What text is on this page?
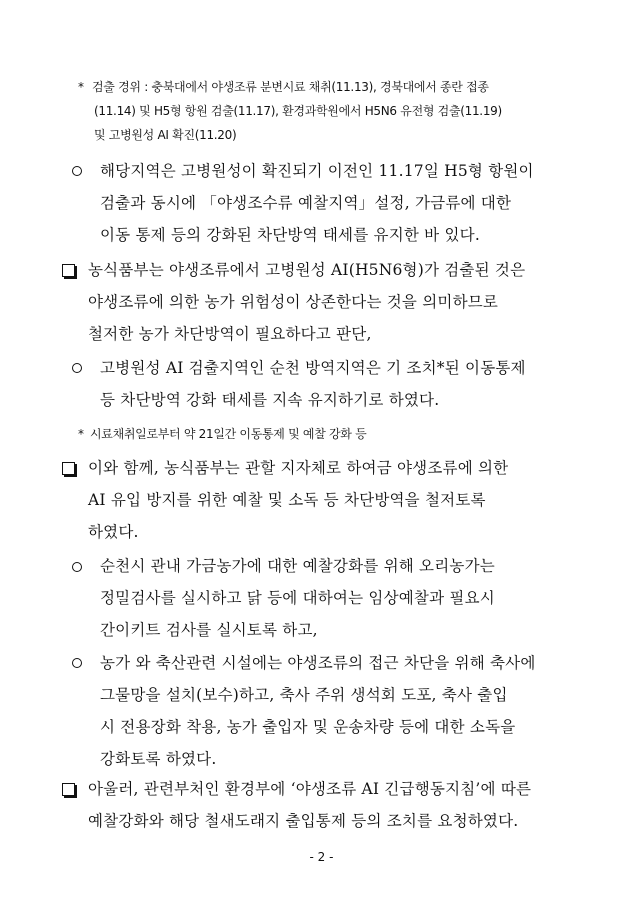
* 검출 경위 : 충북대에서 야생조류 분변시료 채취(11.13), 경북대에서 종란 접종
(11.14) 및 H5형 항원 검출(11.17), 환경과학원에서 H5N6 유전형 검출(11.19)
및 고병원성 AI 확진(11.20)
해당지역은 고병원성이 확진되기 이전인 11.17일 H5형 항원이
검출과 동시에 「야생조수류 예찰지역」설정, 가금류에 대한
이동 통제 등의 강화된 차단방역 태세를 유지한 바 있다.
농식품부는 야생조류에서 고병원성 AI(H5N6형)가 검출된 것은
야생조류에 의한 농가 위험성이 상존한다는 것을 의미하므로
철저한 농가 차단방역이 필요하다고 판단,
고병원성 AI 검출지역인 순천 방역지역은 기 조치*된 이동통제
등 차단방역 강화 태세를 지속 유지하기로 하였다.
* 시료채취일로부터 약 21일간 이동통제 및 예찰 강화 등
이와 함께, 농식품부는 관할 지자체로 하여금 야생조류에 의한
AI 유입 방지를 위한 예찰 및 소독 등 차단방역을 철저토록
하였다.
순천시 관내 가금농가에 대한 예찰강화를 위해 오리농가는
정밀검사를 실시하고 닭 등에 대하여는 임상예찰과 필요시
간이키트 검사를 실시토록 하고,
농가 와 축산관련 시설에는 야생조류의 접근 차단을 위해 축사에
그물망을 설치(보수)하고, 축사 주위 생석회 도포, 축사 출입
시 전용장화 착용, 농가 출입자 및 운송차량 등에 대한 소독을
강화토록 하였다.
아울러, 관련부처인 환경부에 ‘야생조류 AI 긴급행동지침’에 따른
예찰강화와 해당 철새도래지 출입통제 등의 조치를 요청하였다.
- 2 -
